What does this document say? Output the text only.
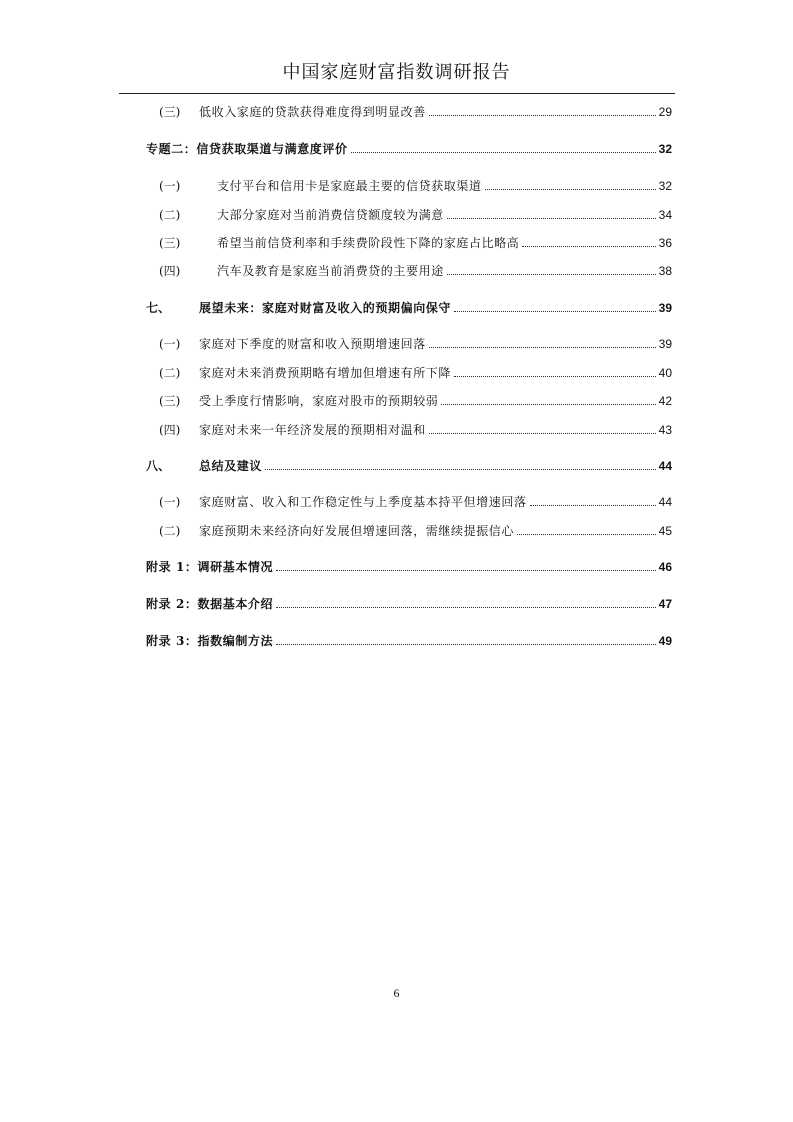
中国家庭财富指数调研报告
(三)	低收入家庭的贷款获得难度得到明显改善	29
专题二：信贷获取渠道与满意度评价	32
(一)	支付平台和信用卡是家庭最主要的信贷获取渠道	32
(二)	大部分家庭对当前消费信贷额度较为满意	34
(三)	希望当前信贷利率和手续费阶段性下降的家庭占比略高	36
(四)	汽车及教育是家庭当前消费贷的主要用途	38
七、	展望未来：家庭对财富及收入的预期偏向保守	39
(一)	家庭对下季度的财富和收入预期增速回落	39
(二)	家庭对未来消费预期略有增加但增速有所下降	40
(三)	受上季度行情影响，家庭对股市的预期较弱	42
(四)	家庭对未来一年经济发展的预期相对温和	43
八、	总结及建议	44
(一)	家庭财富、收入和工作稳定性与上季度基本持平但增速回落	44
(二)	家庭预期未来经济向好发展但增速回落，需继续提振信心	45
附录 1：调研基本情况	46
附录 2：数据基本介绍	47
附录 3：指数编制方法	49
6
